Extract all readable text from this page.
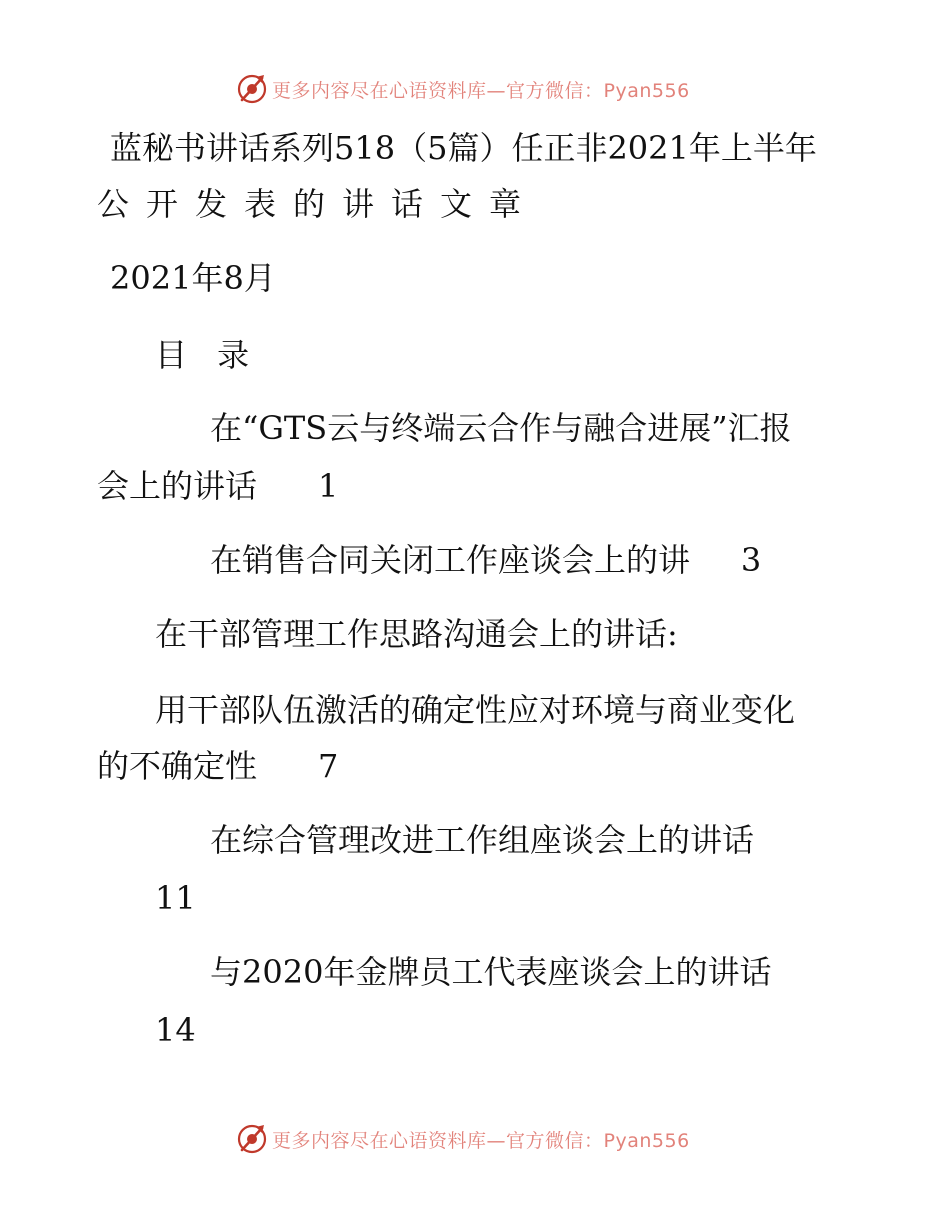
更多内容尽在心语资料库—官方微信：Pyan556
蓝秘书讲话系列518（5篇）任正非2021年上半年
公开发表的讲话文章
2021年8月
目 录
在“GTS云与终端云合作与融合进展”汇报
会上的讲话      1
在销售合同关闭工作座谈会上的讲     3
在干部管理工作思路沟通会上的讲话:
用干部队伍激活的确定性应对环境与商业变化
的不确定性      7
在综合管理改进工作组座谈会上的讲话
11
与2020年金牌员工代表座谈会上的讲话
14
更多内容尽在心语资料库—官方微信：Pyan556
